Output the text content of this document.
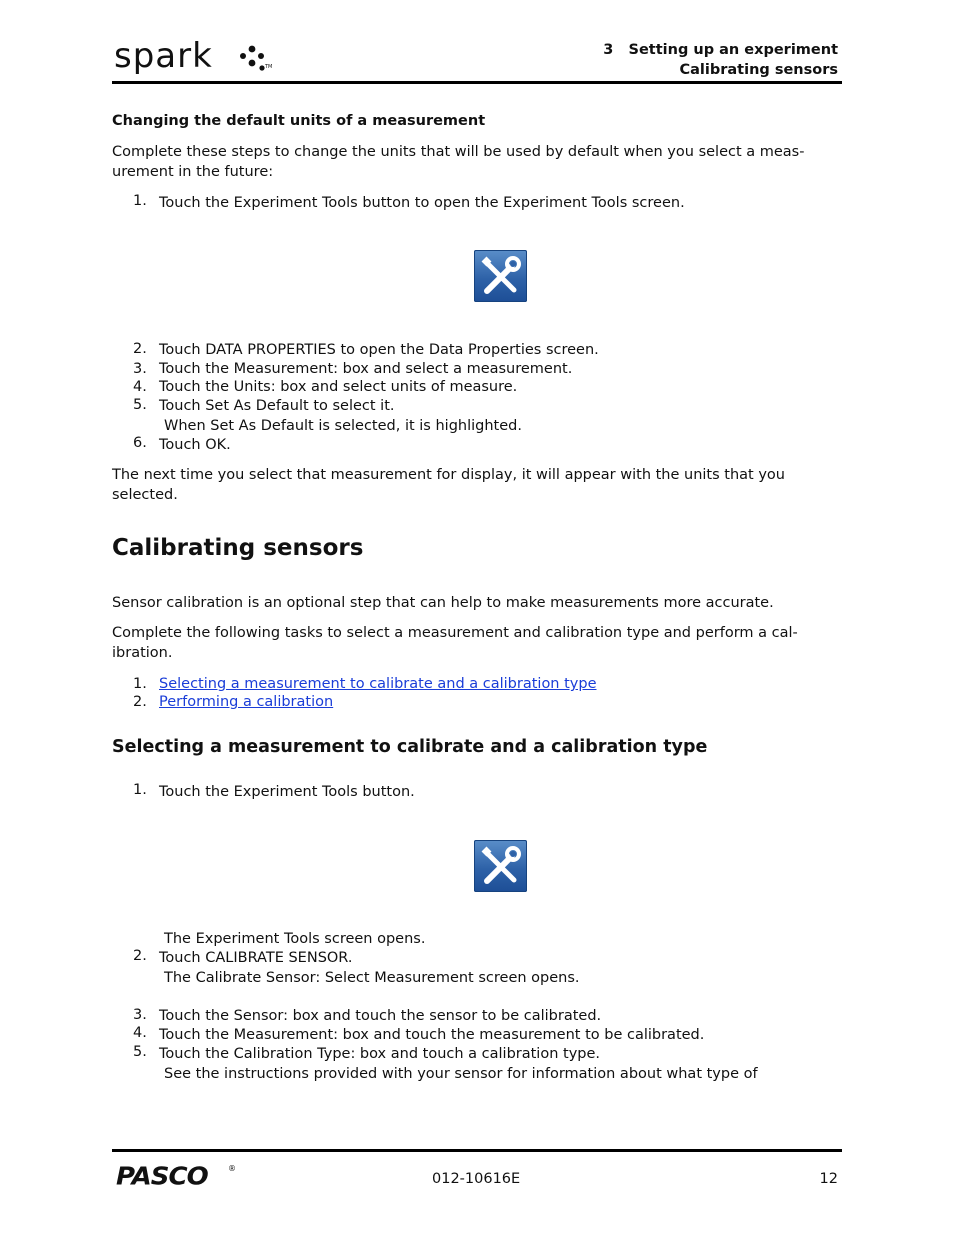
spark	TM
3   Setting up an experiment
Calibrating sensors
Changing the default units of a measurement
Complete these steps to change the units that will be used by default when you select a meas-urement in the future:
1. Touch the Experiment Tools button to open the Experiment Tools screen.
2. Touch DATA PROPERTIES to open the Data Properties screen.
3. Touch the Measurement: box and select a measurement.
4. Touch the Units: box and select units of measure.
5. Touch Set As Default to select it.
When Set As Default is selected, it is highlighted.
6. Touch OK.
The next time you select that measurement for display, it will appear with the units that you selected.
Calibrating sensors
Sensor calibration is an optional step that can help to make measurements more accurate.
Complete the following tasks to select a measurement and calibration type and perform a cal-ibration.
1. Selecting a measurement to calibrate and a calibration type
2. Performing a calibration
Selecting a measurement to calibrate and a calibration type
1. Touch the Experiment Tools button.
The Experiment Tools screen opens.
2. Touch CALIBRATE SENSOR.
The Calibrate Sensor: Select Measurement screen opens.
3. Touch the Sensor: box and touch the sensor to be calibrated.
4. Touch the Measurement: box and touch the measurement to be calibrated.
5. Touch the Calibration Type: box and touch a calibration type.
See the instructions provided with your sensor for information about what type of
PASCO	®
012-10616E	12
